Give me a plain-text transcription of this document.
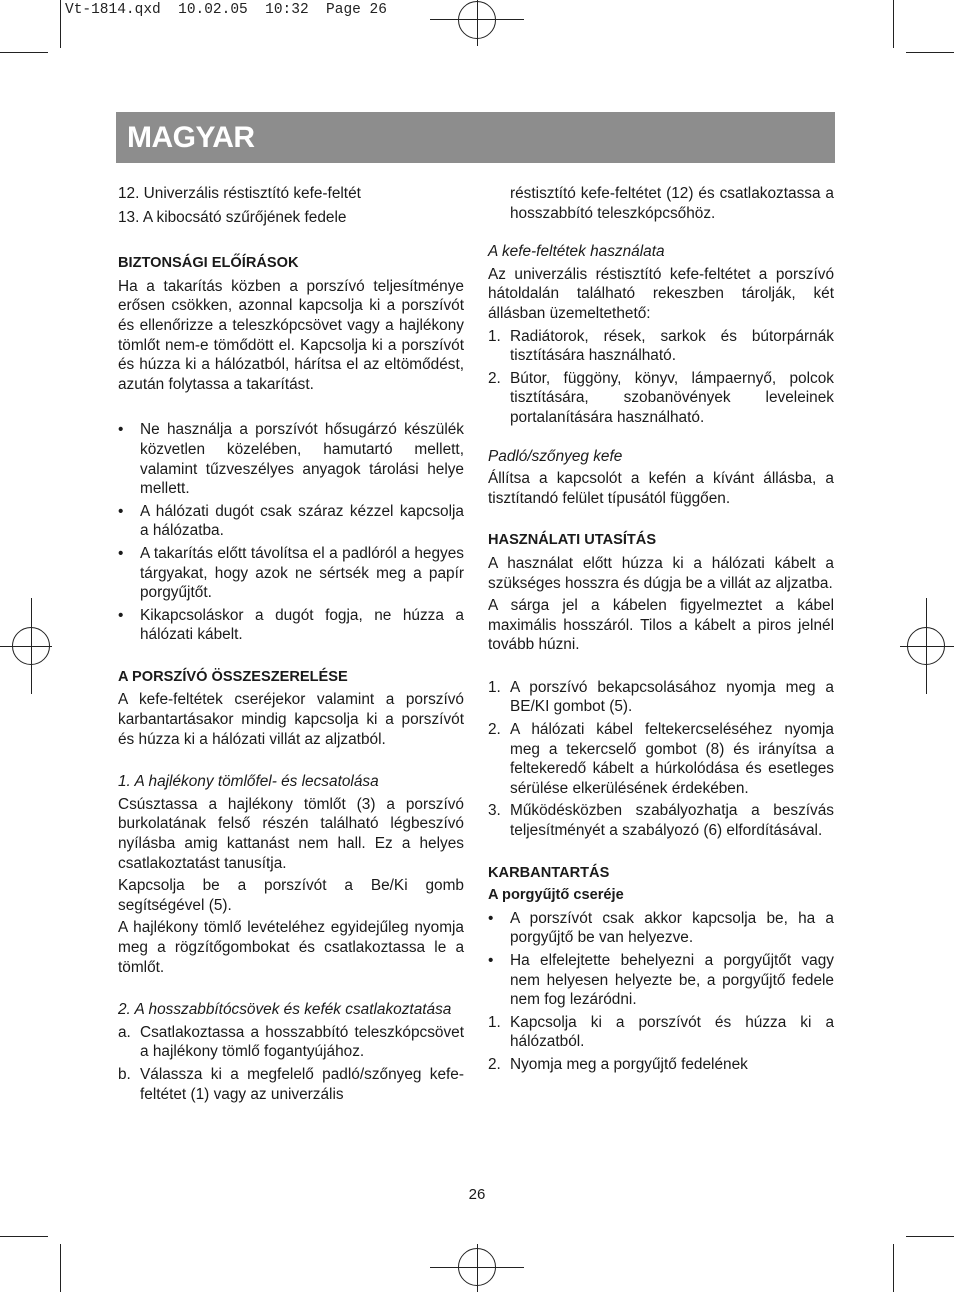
Vt-1814.qxd  10.02.05  10:32  Page 26
MAGYAR
12. Univerzális réstisztító kefe-feltét
13. A kibocsátó szűrőjének fedele
BIZTONSÁGI ELŐÍRÁSOK
Ha a takarítás közben a porszívó teljesítménye erősen csökken, azonnal kapcsolja ki a porszívót és ellenőrizze a teleszkópcsövet vagy a hajlékony tömlőt nem-e tömődött el. Kapcsolja ki a porszívót és húzza ki a hálózatból, hárítsa el az eltömődést, azután folytassa a takarítást.
•	Ne használja a porszívót hősugárzó készülék közvetlen közelében, hamutartó mellett, valamint tűzveszélyes anyagok tárolási helye mellett.
•	A hálózati dugót csak száraz kézzel kapcsolja a hálózatba.
•	A takarítás előtt távolítsa el a padlóról a hegyes tárgyakat, hogy azok ne sértsék meg a papír porgyűjtőt.
•	Kikapcsoláskor a dugót fogja, ne húzza a hálózati kábelt.
A PORSZÍVÓ ÖSSZESZERELÉSE
A kefe-feltétek cseréjekor valamint a porszívó karbantartásakor mindig kapcsolja ki a porszívót és húzza ki a hálózati villát az aljzatból.
1. A hajlékony tömlőfel- és lecsatolása
Csúsztassa a hajlékony tömlőt (3) a porszívó burkolatának felső részén található légbeszívó nyílásba amig kattanást nem hall. Ez a helyes csatlakoztatást tanusítja.
Kapcsolja be a porszívót a Be/Ki gomb segítségével (5).
A hajlékony tömlő levételéhez egyidejűleg nyomja meg a rögzítőgombokat és csatlakoztassa le a tömlőt.
2. A hosszabbítócsövek és kefék csatlakoztatása
a. Csatlakoztassa a hosszabbító teleszkópcsövet a hajlékony tömlő fogantyújához.
b. Válassza ki a megfelelő padló/szőnyeg kefe-feltétet (1) vagy az univerzális
réstisztító kefe-feltétet (12) és csatlakoztassa a hosszabbító teleszkópcsőhöz.
A kefe-feltétek használata
Az univerzális réstisztító kefe-feltétet a porszívó hátoldalán található rekeszben tárolják, két állásban üzemeltethető:
1. Radiátorok, rések, sarkok és bútorpárnák tisztítására használható.
2. Bútor, függöny, könyv, lámpaernyő, polcok tisztítására, szobanövények leveleinek portalanítására használható.
Padló/szőnyeg kefe
Állítsa a kapcsolót a kefén a kívánt állásba, a tisztítandó felület típusától függően.
HASZNÁLATI UTASÍTÁS
A használat előtt húzza ki a hálózati kábelt a szükséges hosszra és dúgja be a villát az aljzatba.
A sárga jel a kábelen figyelmeztet a kábel maximális hosszáról. Tilos a kábelt a piros jelnél tovább húzni.
1. A porszívó bekapcsolásához nyomja meg a BE/KI gombot (5).
2. A hálózati kábel feltekercseléséhez nyomja meg a tekercselő gombot (8) és irányítsa a feltekeredő kábelt a húrkolódása és esetleges sérülése elkerülésének érdekében.
3. Működésközben szabályozhatja a beszívás teljesítményét a szabályozó (6) elfordításával.
KARBANTARTÁS
A porgyűjtő cseréje
•	A porszívót csak akkor kapcsolja be, ha a porgyűjtő be van helyezve.
•	Ha elfelejtette behelyezni a porgyűjtőt vagy nem helyesen helyezte be, a porgyűjtő fedele nem fog lezáródni.
1. Kapcsolja ki a porszívót és húzza ki a hálózatból.
2. Nyomja meg a porgyűjtő fedelének
26
